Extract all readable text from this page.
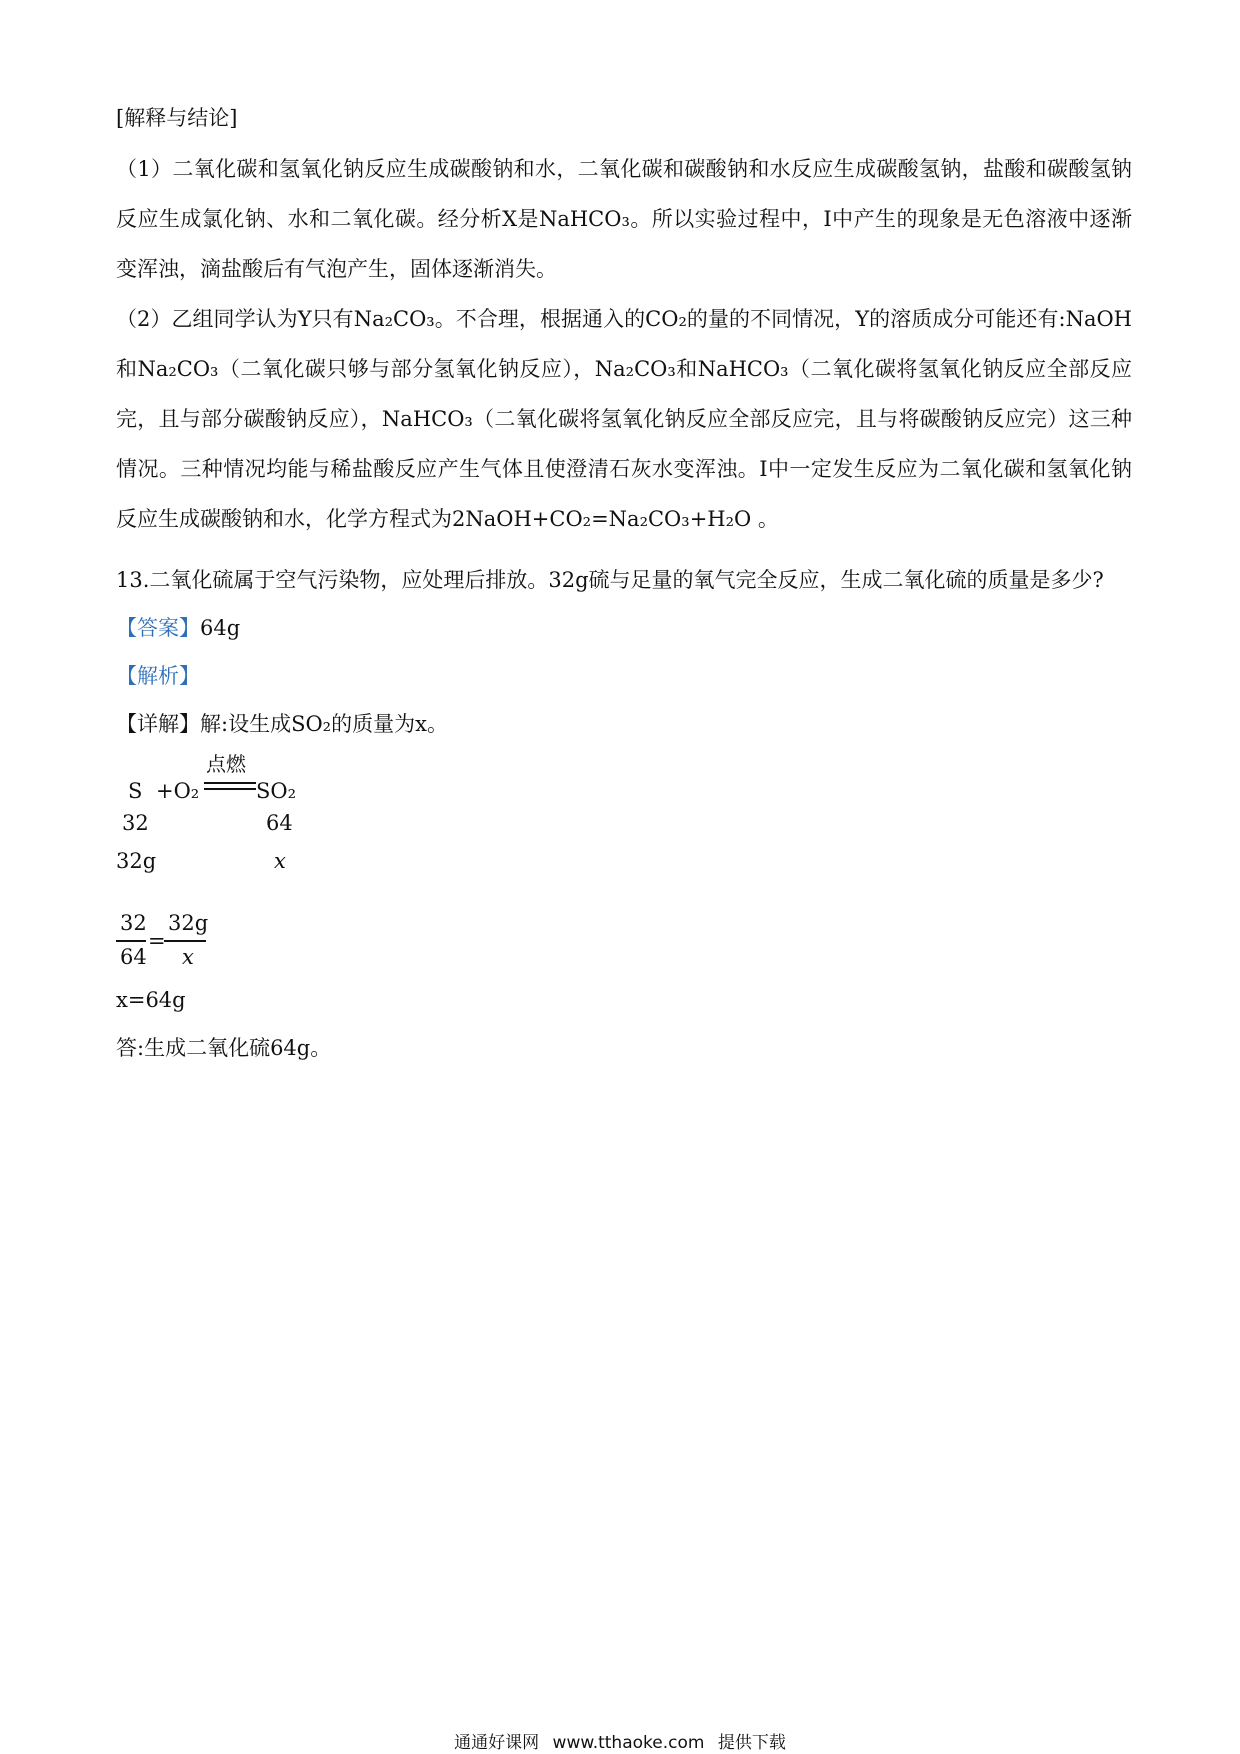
[解释与结论]
（1）二氧化碳和氢氧化钠反应生成碳酸钠和水，二氧化碳和碳酸钠和水反应生成碳酸氢钠，盐酸和碳酸氢钠反应生成氯化钠、水和二氧化碳。经分析X是NaHCO₃。所以实验过程中，Ⅰ中产生的现象是无色溶液中逐渐变浑浊，滴盐酸后有气泡产生，固体逐渐消失。
（2）乙组同学认为Y只有Na₂CO₃。不合理，根据通入的CO₂的量的不同情况，Y的溶质成分可能还有:NaOH和Na₂CO₃（二氧化碳只够与部分氢氧化钠反应），Na₂CO₃和NaHCO₃（二氧化碳将氢氧化钠反应全部反应完，且与部分碳酸钠反应），NaHCO₃（二氧化碳将氢氧化钠反应全部反应完，且与将碳酸钠反应完）这三种情况。三种情况均能与稀盐酸反应产生气体且使澄清石灰水变浑浊。Ⅰ中一定发生反应为二氧化碳和氢氧化钠反应生成碳酸钠和水，化学方程式为2NaOH+CO₂=Na₂CO₃+H₂O 。
13.二氧化硫属于空气污染物，应处理后排放。32g硫与足量的氧气完全反应，生成二氧化硫的质量是多少?
【答案】64g
【解析】
【详解】解:设生成SO₂的质量为x。
S +O₂
点燃
SO₂
32	64
32g	x
32
64
=
32g
x
x=64g
答:生成二氧化硫64g。
通通好课网 www.tthaoke.com 提供下载
